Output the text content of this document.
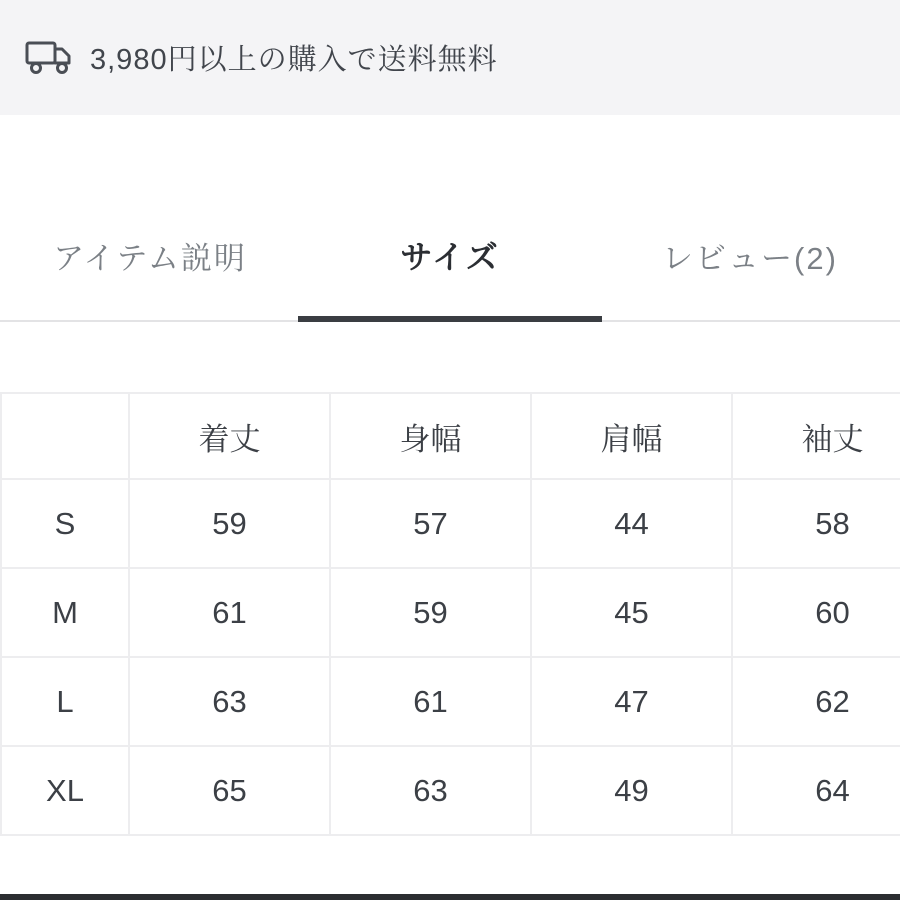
3,980円以上の購入で送料無料
アイテム説明	サイズ	レビュー(2)
	着丈	身幅	肩幅	袖丈
S	59	57	44	58
M	61	59	45	60
L	63	61	47	62
XL	65	63	49	64
